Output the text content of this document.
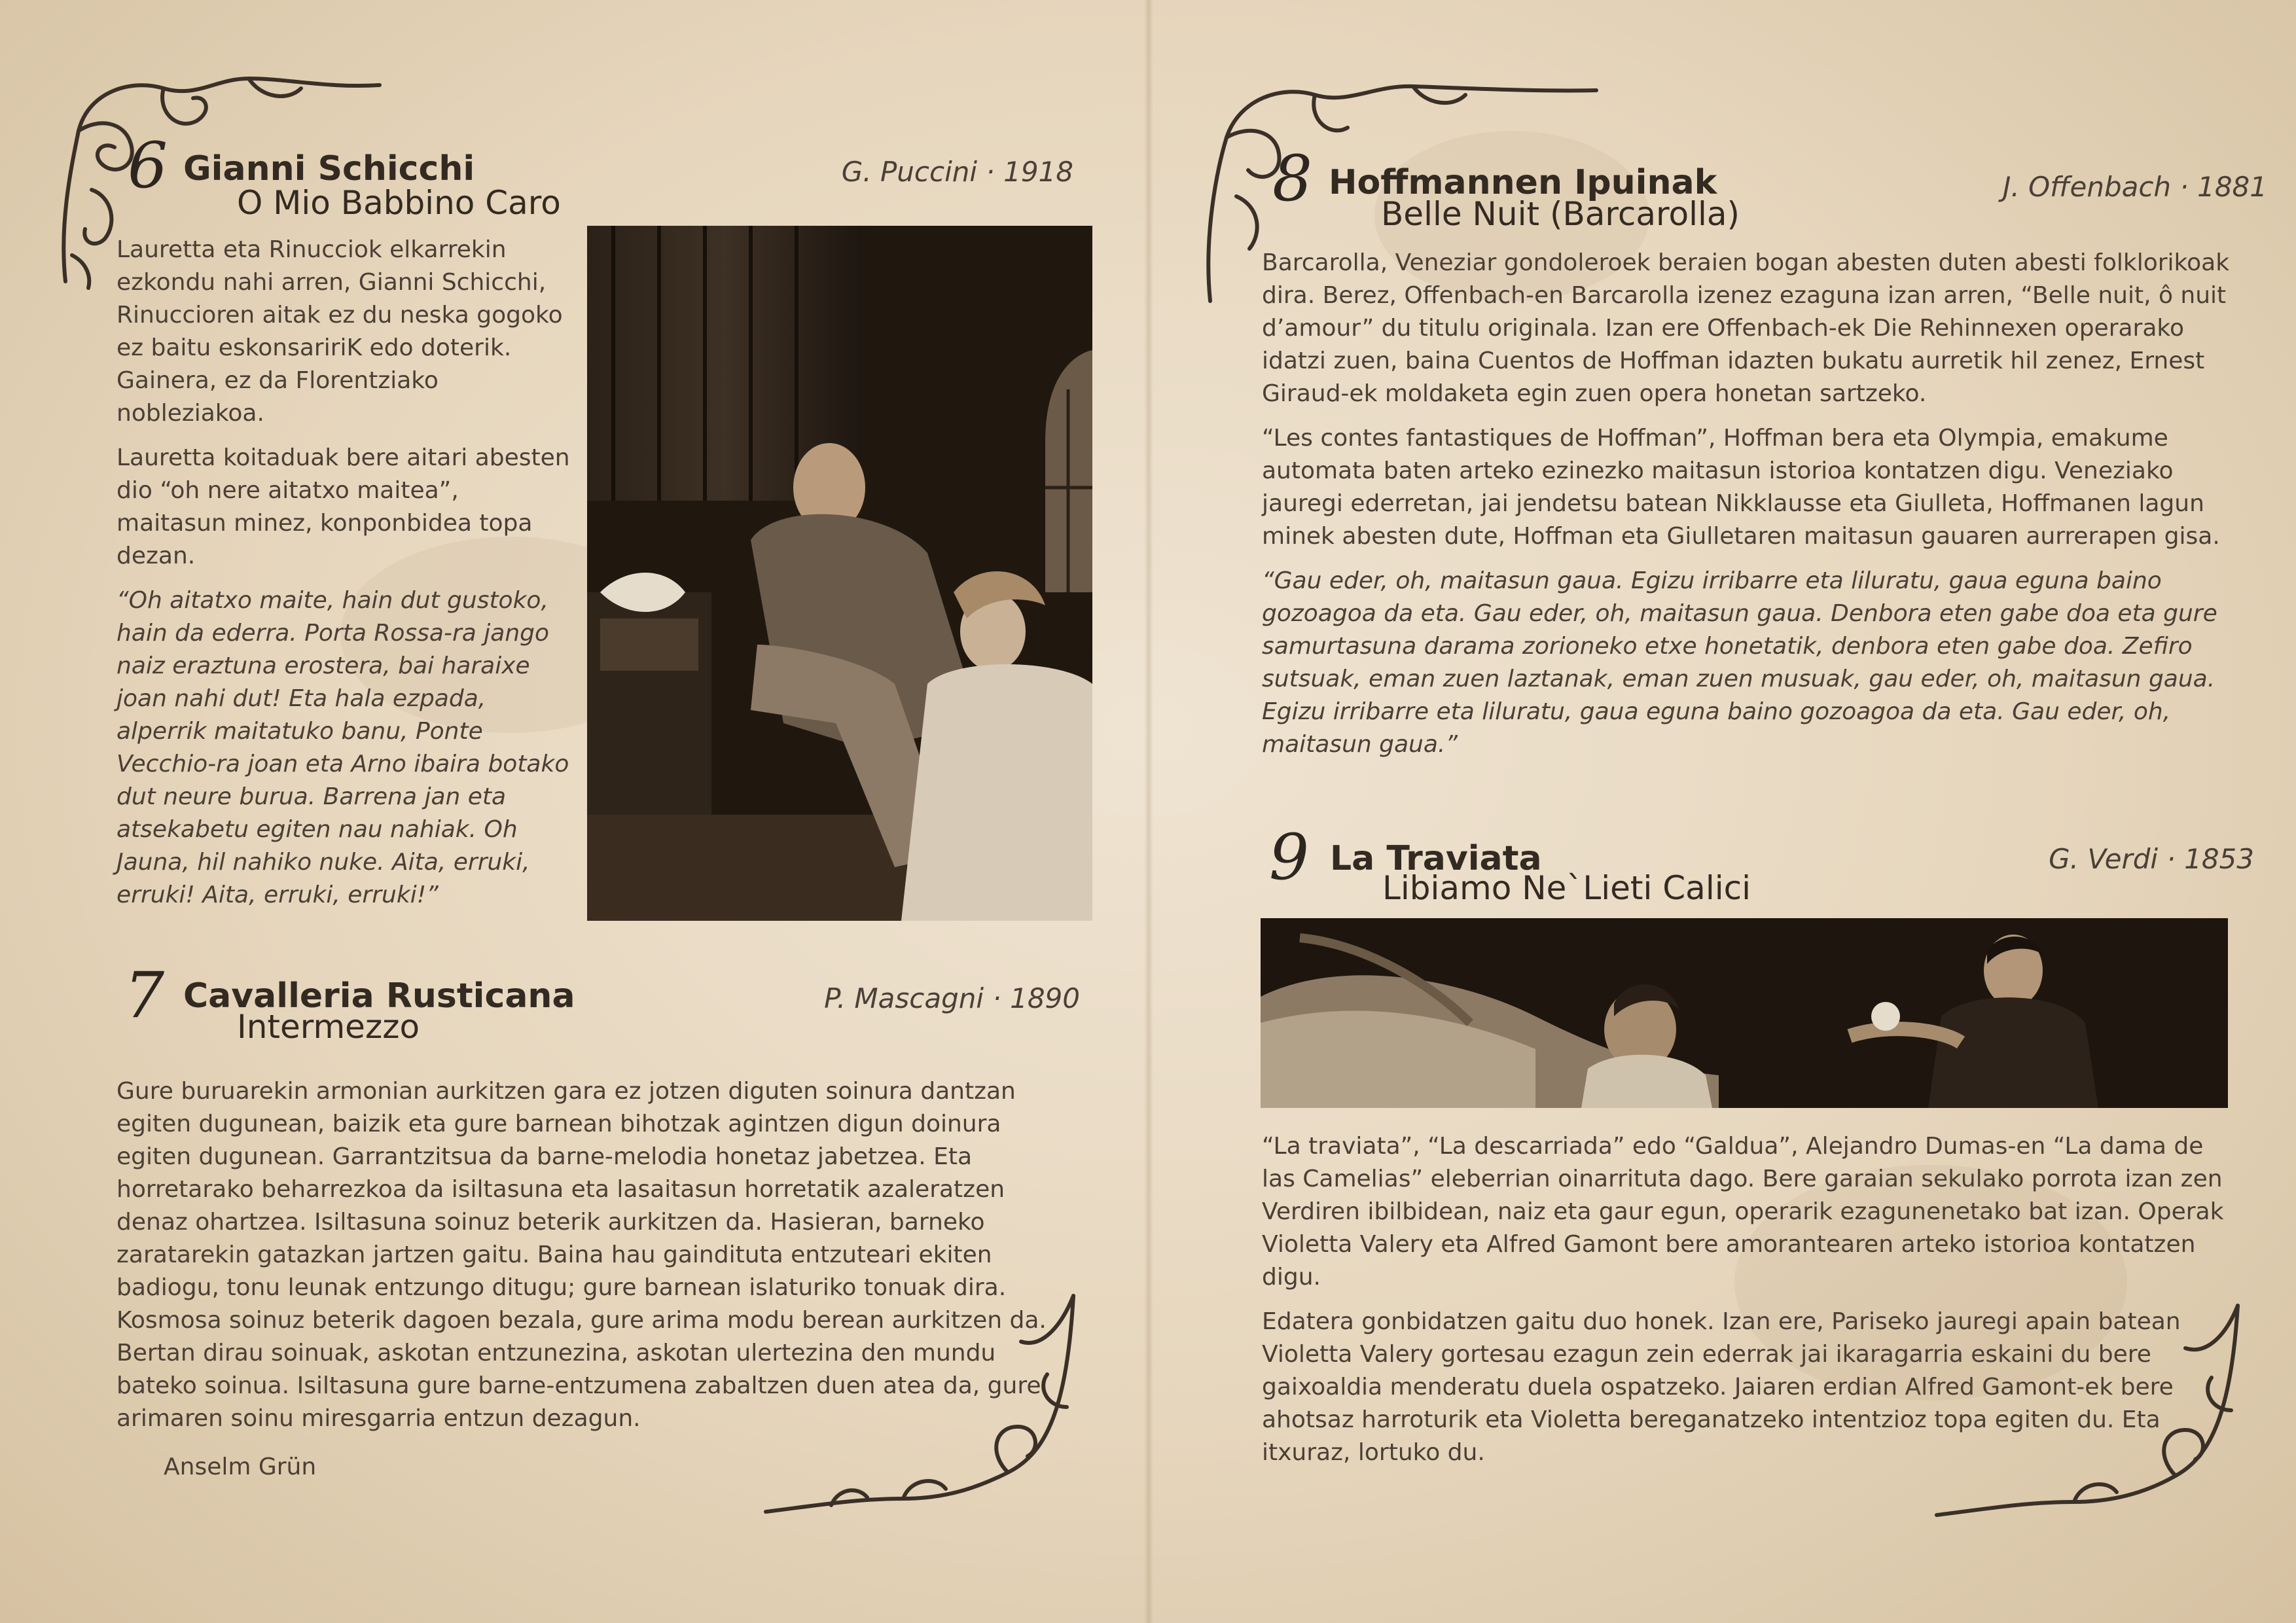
6 Gianni Schicchi
O Mio Babbino Caro
G. Puccini · 1918

Lauretta eta Rinucciok elkarrekin ezkondu nahi arren, Gianni Schicchi, Rinuccioren aitak ez du neska gogoko ez baitu eskonsaririK edo doterik. Gainera, ez da Florentziako nobleziakoa.

Lauretta koitaduak bere aitari abesten dio “oh nere aitatxo maitea”, maitasun minez, konponbidea topa dezan.

“Oh aitatxo maite, hain dut gustoko, hain da ederra. Porta Rossa-ra jango naiz eraztuna erostera, bai haraixe joan nahi dut! Eta hala ezpada, alperrik maitatuko banu, Ponte Vecchio-ra joan eta Arno ibaira botako dut neure burua. Barrena jan eta atsekabetu egiten nau nahiak. Oh Jauna, hil nahiko nuke. Aita, erruki, erruki! Aita, erruki, erruki!”

7 Cavalleria Rusticana
Intermezzo
P. Mascagni · 1890

Gure buruarekin armonian aurkitzen gara ez jotzen diguten soinura dantzan egiten dugunean, baizik eta gure barnean bihotzak agintzen digun doinura egiten dugunean. Garrantzitsua da barne-melodia honetaz jabetzea. Eta horretarako beharrezkoa da isiltasuna eta lasaitasun horretatik azaleratzen denaz ohartzea. Isiltasuna soinuz beterik aurkitzen da. Hasieran, barneko zaratarekin gatazkan jartzen gaitu. Baina hau gaindituta entzuteari ekiten badiogu, tonu leunak entzungo ditugu; gure barnean islaturiko tonuak dira. Kosmosa soinuz beterik dagoen bezala, gure arima modu berean aurkitzen da. Bertan dirau soinuak, askotan entzunezina, askotan ulertezina den mundu bateko soinua. Isiltasuna gure barne-entzumena zabaltzen duen atea da, gure arimaren soinu miresgarria entzun dezagun.

Anselm Grün
8 Hoffmannen Ipuinak
Belle Nuit (Barcarolla)
J. Offenbach · 1881

Barcarolla, Veneziar gondoleroek beraien bogan abesten duten abesti folklorikoak dira. Berez, Offenbach-en Barcarolla izenez ezaguna izan arren, “Belle nuit, ô nuit d’amour” du titulu originala. Izan ere Offenbach-ek Die Rehinnexen operarako idatzi zuen, baina Cuentos de Hoffman idazten bukatu aurretik hil zenez, Ernest Giraud-ek moldaketa egin zuen opera honetan sartzeko.

“Les contes fantastiques de Hoffman”, Hoffman bera eta Olympia, emakume automata baten arteko ezinezko maitasun istorioa kontatzen digu. Veneziako jauregi ederretan, jai jendetsu batean Nikklausse eta Giulleta, Hoffmanen lagun minek abesten dute, Hoffman eta Giulletaren maitasun gauaren aurrerapen gisa.

“Gau eder, oh, maitasun gaua. Egizu irribarre eta liluratu, gaua eguna baino gozoagoa da eta. Gau eder, oh, maitasun gaua. Denbora eten gabe doa eta gure samurtasuna darama zorioneko etxe honetatik, denbora eten gabe doa. Zefiro sutsuak, eman zuen laztanak, eman zuen musuak, gau eder, oh, maitasun gaua. Egizu irribarre eta liluratu, gaua eguna baino gozoagoa da eta. Gau eder, oh, maitasun gaua.”

9 La Traviata
Libiamo Ne`Lieti Calici
G. Verdi · 1853

“La traviata”, “La descarriada” edo “Galdua”, Alejandro Dumas-en “La dama de las Camelias” eleberrian oinarrituta dago. Bere garaian sekulako porrota izan zen Verdiren ibilbidean, naiz eta gaur egun, operarik ezagunenetako bat izan. Operak Violetta Valery eta Alfred Gamont bere amorantearen arteko istorioa kontatzen digu.

Edatera gonbidatzen gaitu duo honek. Izan ere, Pariseko jauregi apain batean Violetta Valery gortesau ezagun zein ederrak jai ikaragarria eskaini du bere gaixoaldia menderatu duela ospatzeko. Jaiaren erdian Alfred Gamont-ek bere ahotsaz harroturik eta Violetta bereganatzeko intentzioz topa egiten du. Eta itxuraz, lortuko du.
